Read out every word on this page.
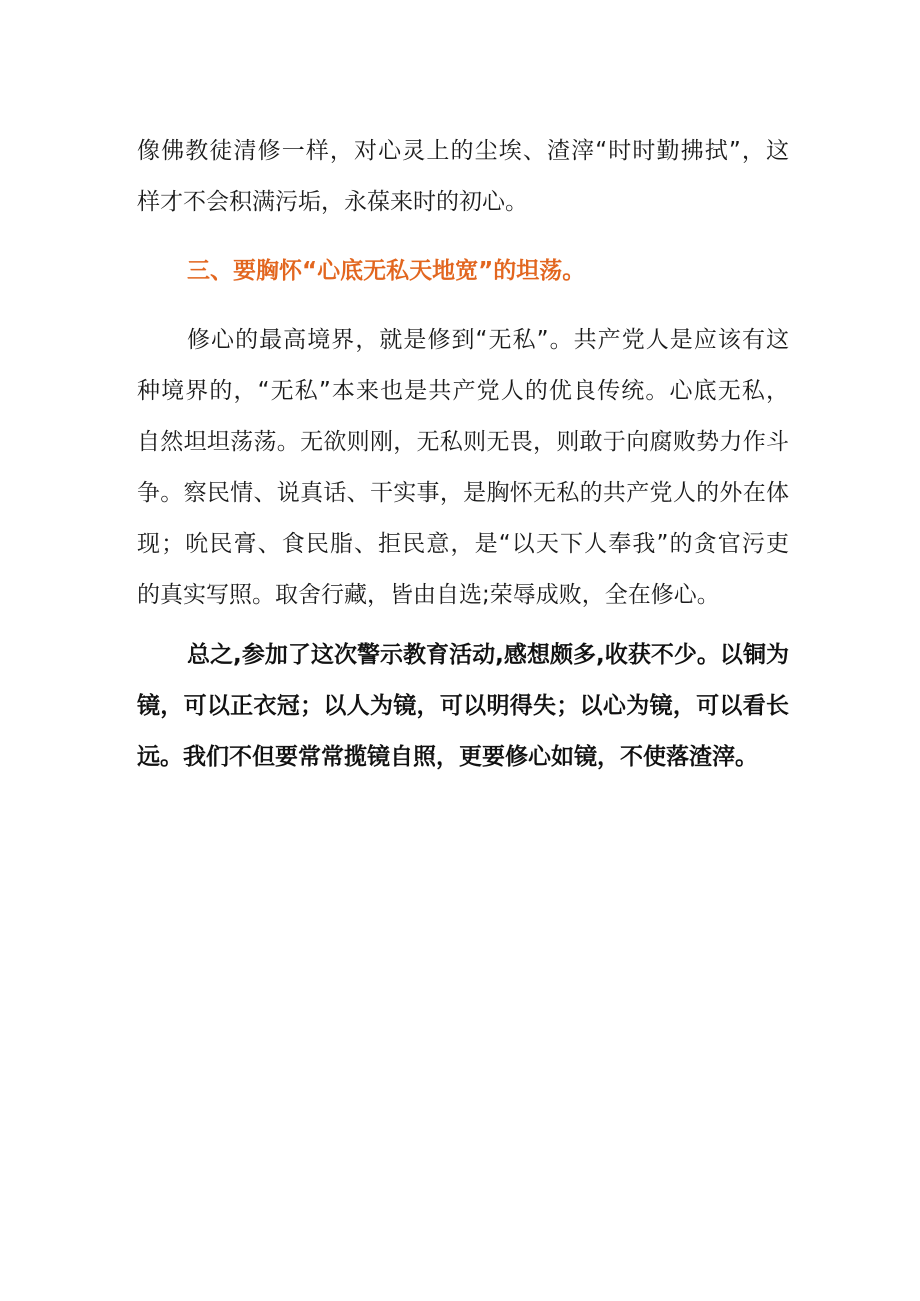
像佛教徒清修一样，对心灵上的尘埃、渣滓“时时勤拂拭”，这
样才不会积满污垢，永葆来时的初心。
三、要胸怀“心底无私天地宽”的坦荡。
修心的最高境界，就是修到“无私”。共产党人是应该有这
种境界的，“无私”本来也是共产党人的优良传统。心底无私，
自然坦坦荡荡。无欲则刚，无私则无畏，则敢于向腐败势力作斗
争。察民情、说真话、干实事，是胸怀无私的共产党人的外在体
现；吮民膏、食民脂、拒民意，是“以天下人奉我”的贪官污吏
的真实写照。取舍行藏，皆由自选;荣辱成败，全在修心。
总之,参加了这次警示教育活动,感想颇多,收获不少。以铜为
镜，可以正衣冠；以人为镜，可以明得失；以心为镜，可以看长
远。我们不但要常常揽镜自照，更要修心如镜，不使落渣滓。
